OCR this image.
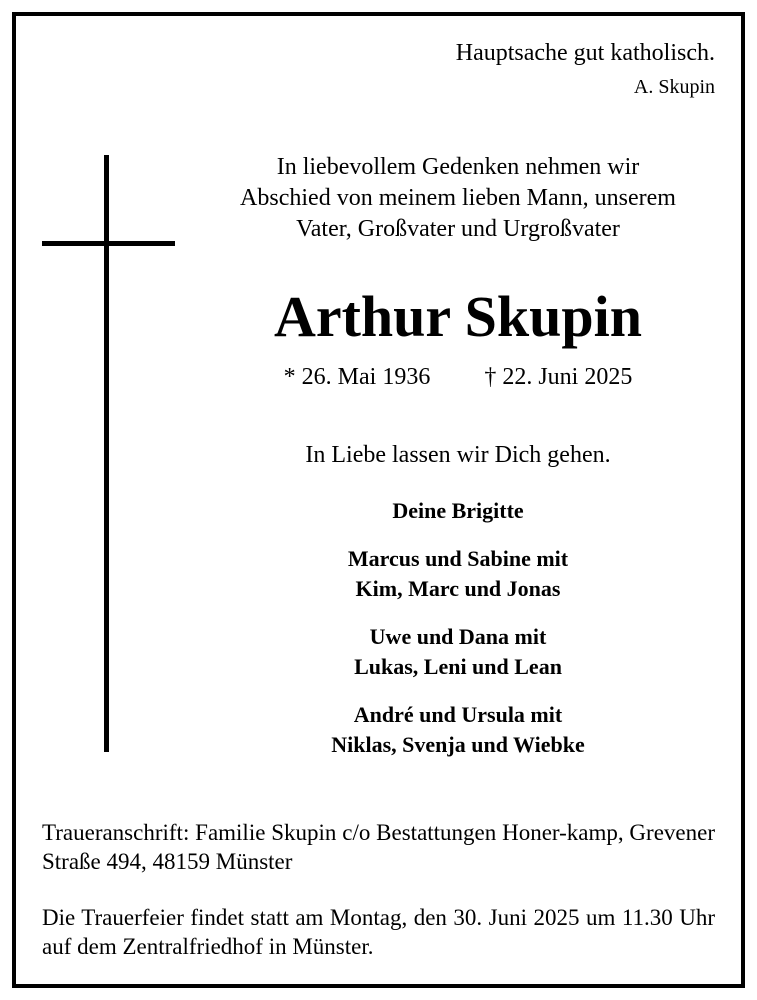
Hauptsache gut katholisch.
A. Skupin
In liebevollem Gedenken nehmen wir
Abschied von meinem lieben Mann, unserem
Vater, Großvater und Urgroßvater
Arthur Skupin
* 26. Mai 1936 † 22. Juni 2025
In Liebe lassen wir Dich gehen.
Deine Brigitte
Marcus und Sabine mit
Kim, Marc und Jonas
Uwe und Dana mit
Lukas, Leni und Lean
André und Ursula mit
Niklas, Svenja und Wiebke
Traueranschrift: Familie Skupin c/o Bestattungen Honer-kamp, Grevener Straße 494, 48159 Münster
Die Trauerfeier findet statt am Montag, den 30. Juni 2025 um 11.30 Uhr auf dem Zentralfriedhof in Münster.
